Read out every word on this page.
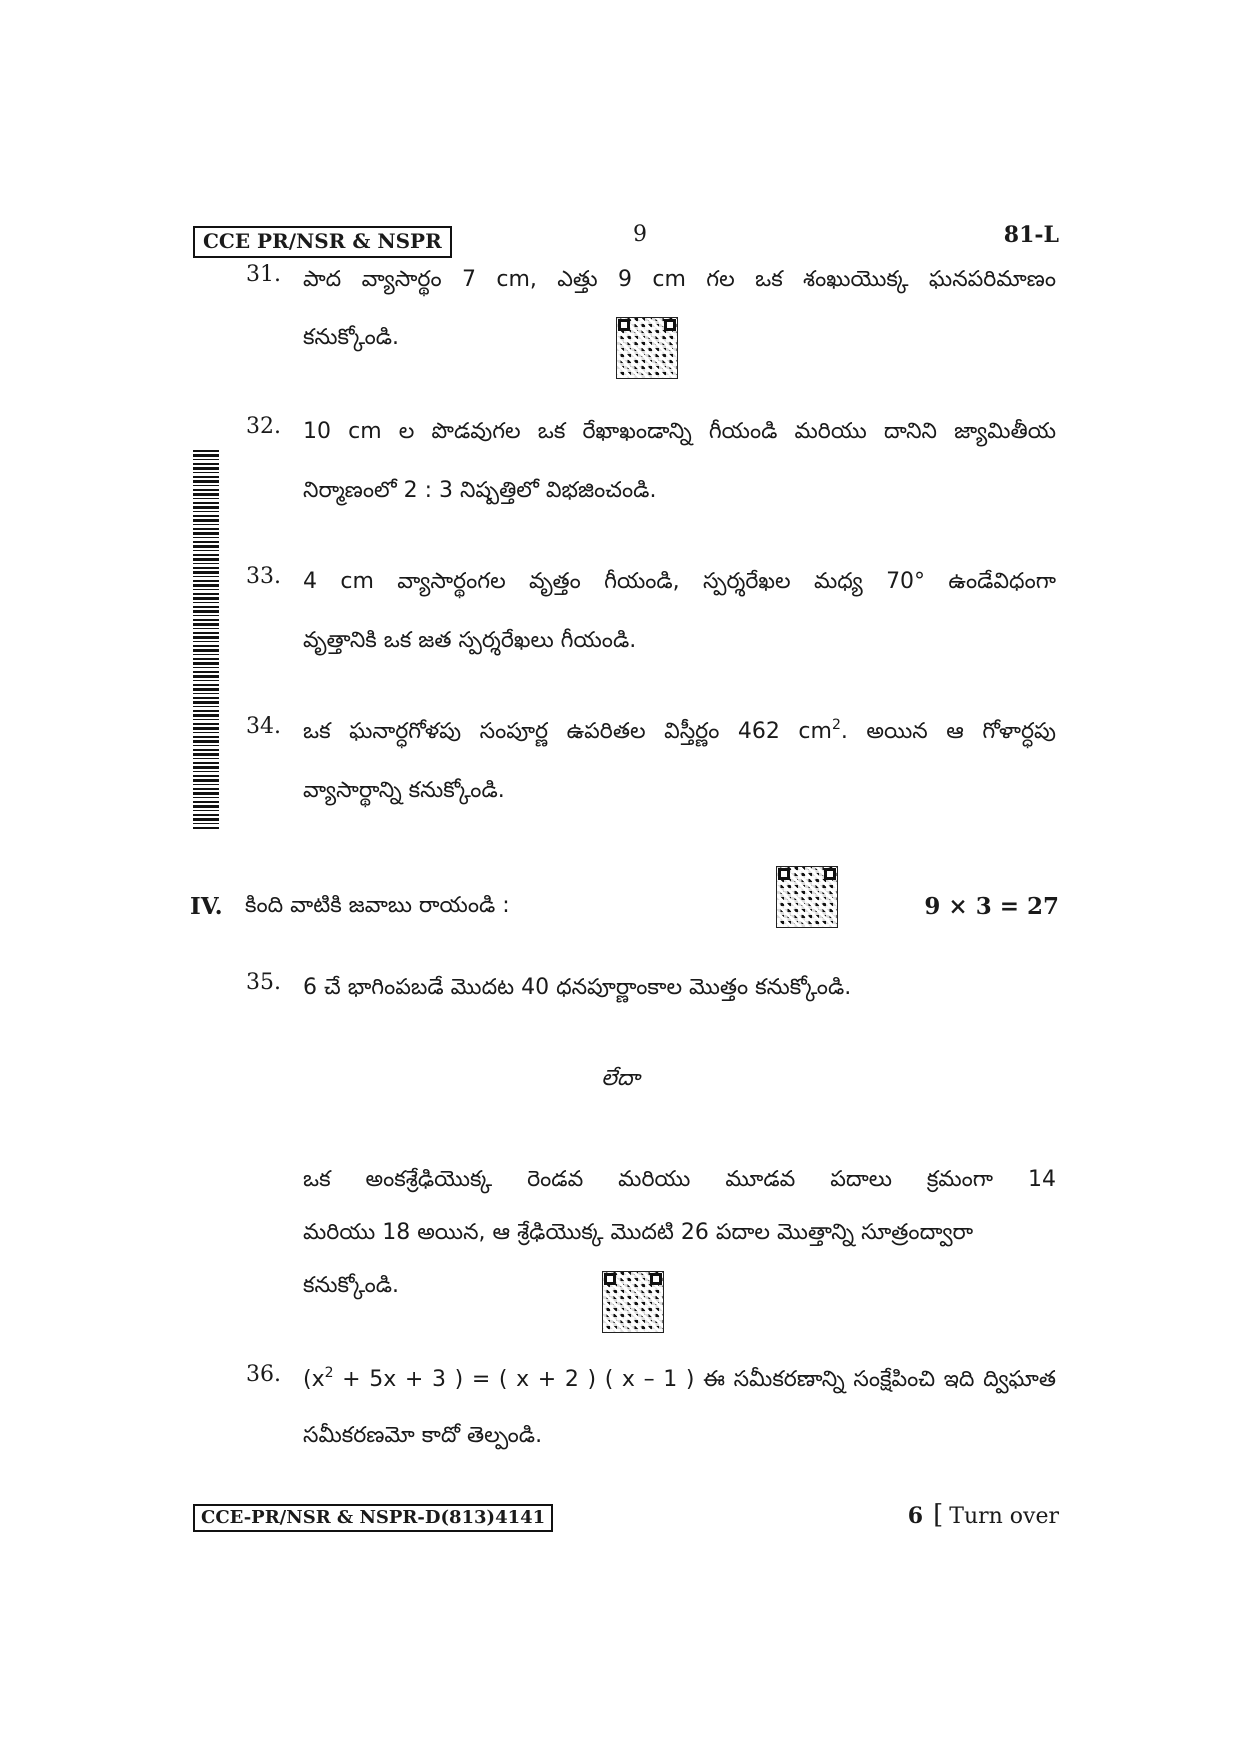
CCE PR/NSR & NSPR	9	81-L
31. పాద వ్యాసార్థం 7 cm, ఎత్తు 9 cm గల ఒక శంఖుయొక్క ఘనపరిమాణం
కనుక్కోండి.
32. 10 cm ల పొడవుగల ఒక రేఖాఖండాన్ని గీయండి మరియు దానిని జ్యామితీయ
నిర్మాణంలో 2 : 3 నిష్పత్తిలో విభజించండి.
33. 4 cm వ్యాసార్థంగల వృత్తం గీయండి, స్పర్శరేఖల మధ్య 70° ఉండేవిధంగా
వృత్తానికి ఒక జత స్పర్శరేఖలు గీయండి.
34. ఒక ఘనార్ధగోళపు సంపూర్ణ ఉపరితల విస్తీర్ణం 462 $cm^2$. అయిన ఆ గోళార్ధపు
వ్యాసార్థాన్ని కనుక్కోండి.
IV. కింది వాటికి జవాబు రాయండి :	9 × 3 = 27
35. 6 చే భాగింపబడే మొదట 40 ధనపూర్ణాంకాల మొత్తం కనుక్కోండి.
లేదా
ఒక అంకశ్రేఢియొక్క రెండవ మరియు మూడవ పదాలు క్రమంగా 14
మరియు 18 అయిన, ఆ శ్రేఢియొక్క మొదటి 26 పదాల మొత్తాన్ని సూత్రంద్వారా
కనుక్కోండి.
36. ($x^2 + 5x + 3$ ) = ( x + 2 ) ( x – 1 ) ఈ సమీకరణాన్ని సంక్షేపించి ఇది ద్విఘాత
సమీకరణమో కాదో తెల్పండి.
CCE-PR/NSR & NSPR-D(813)4141	6 [ Turn over
